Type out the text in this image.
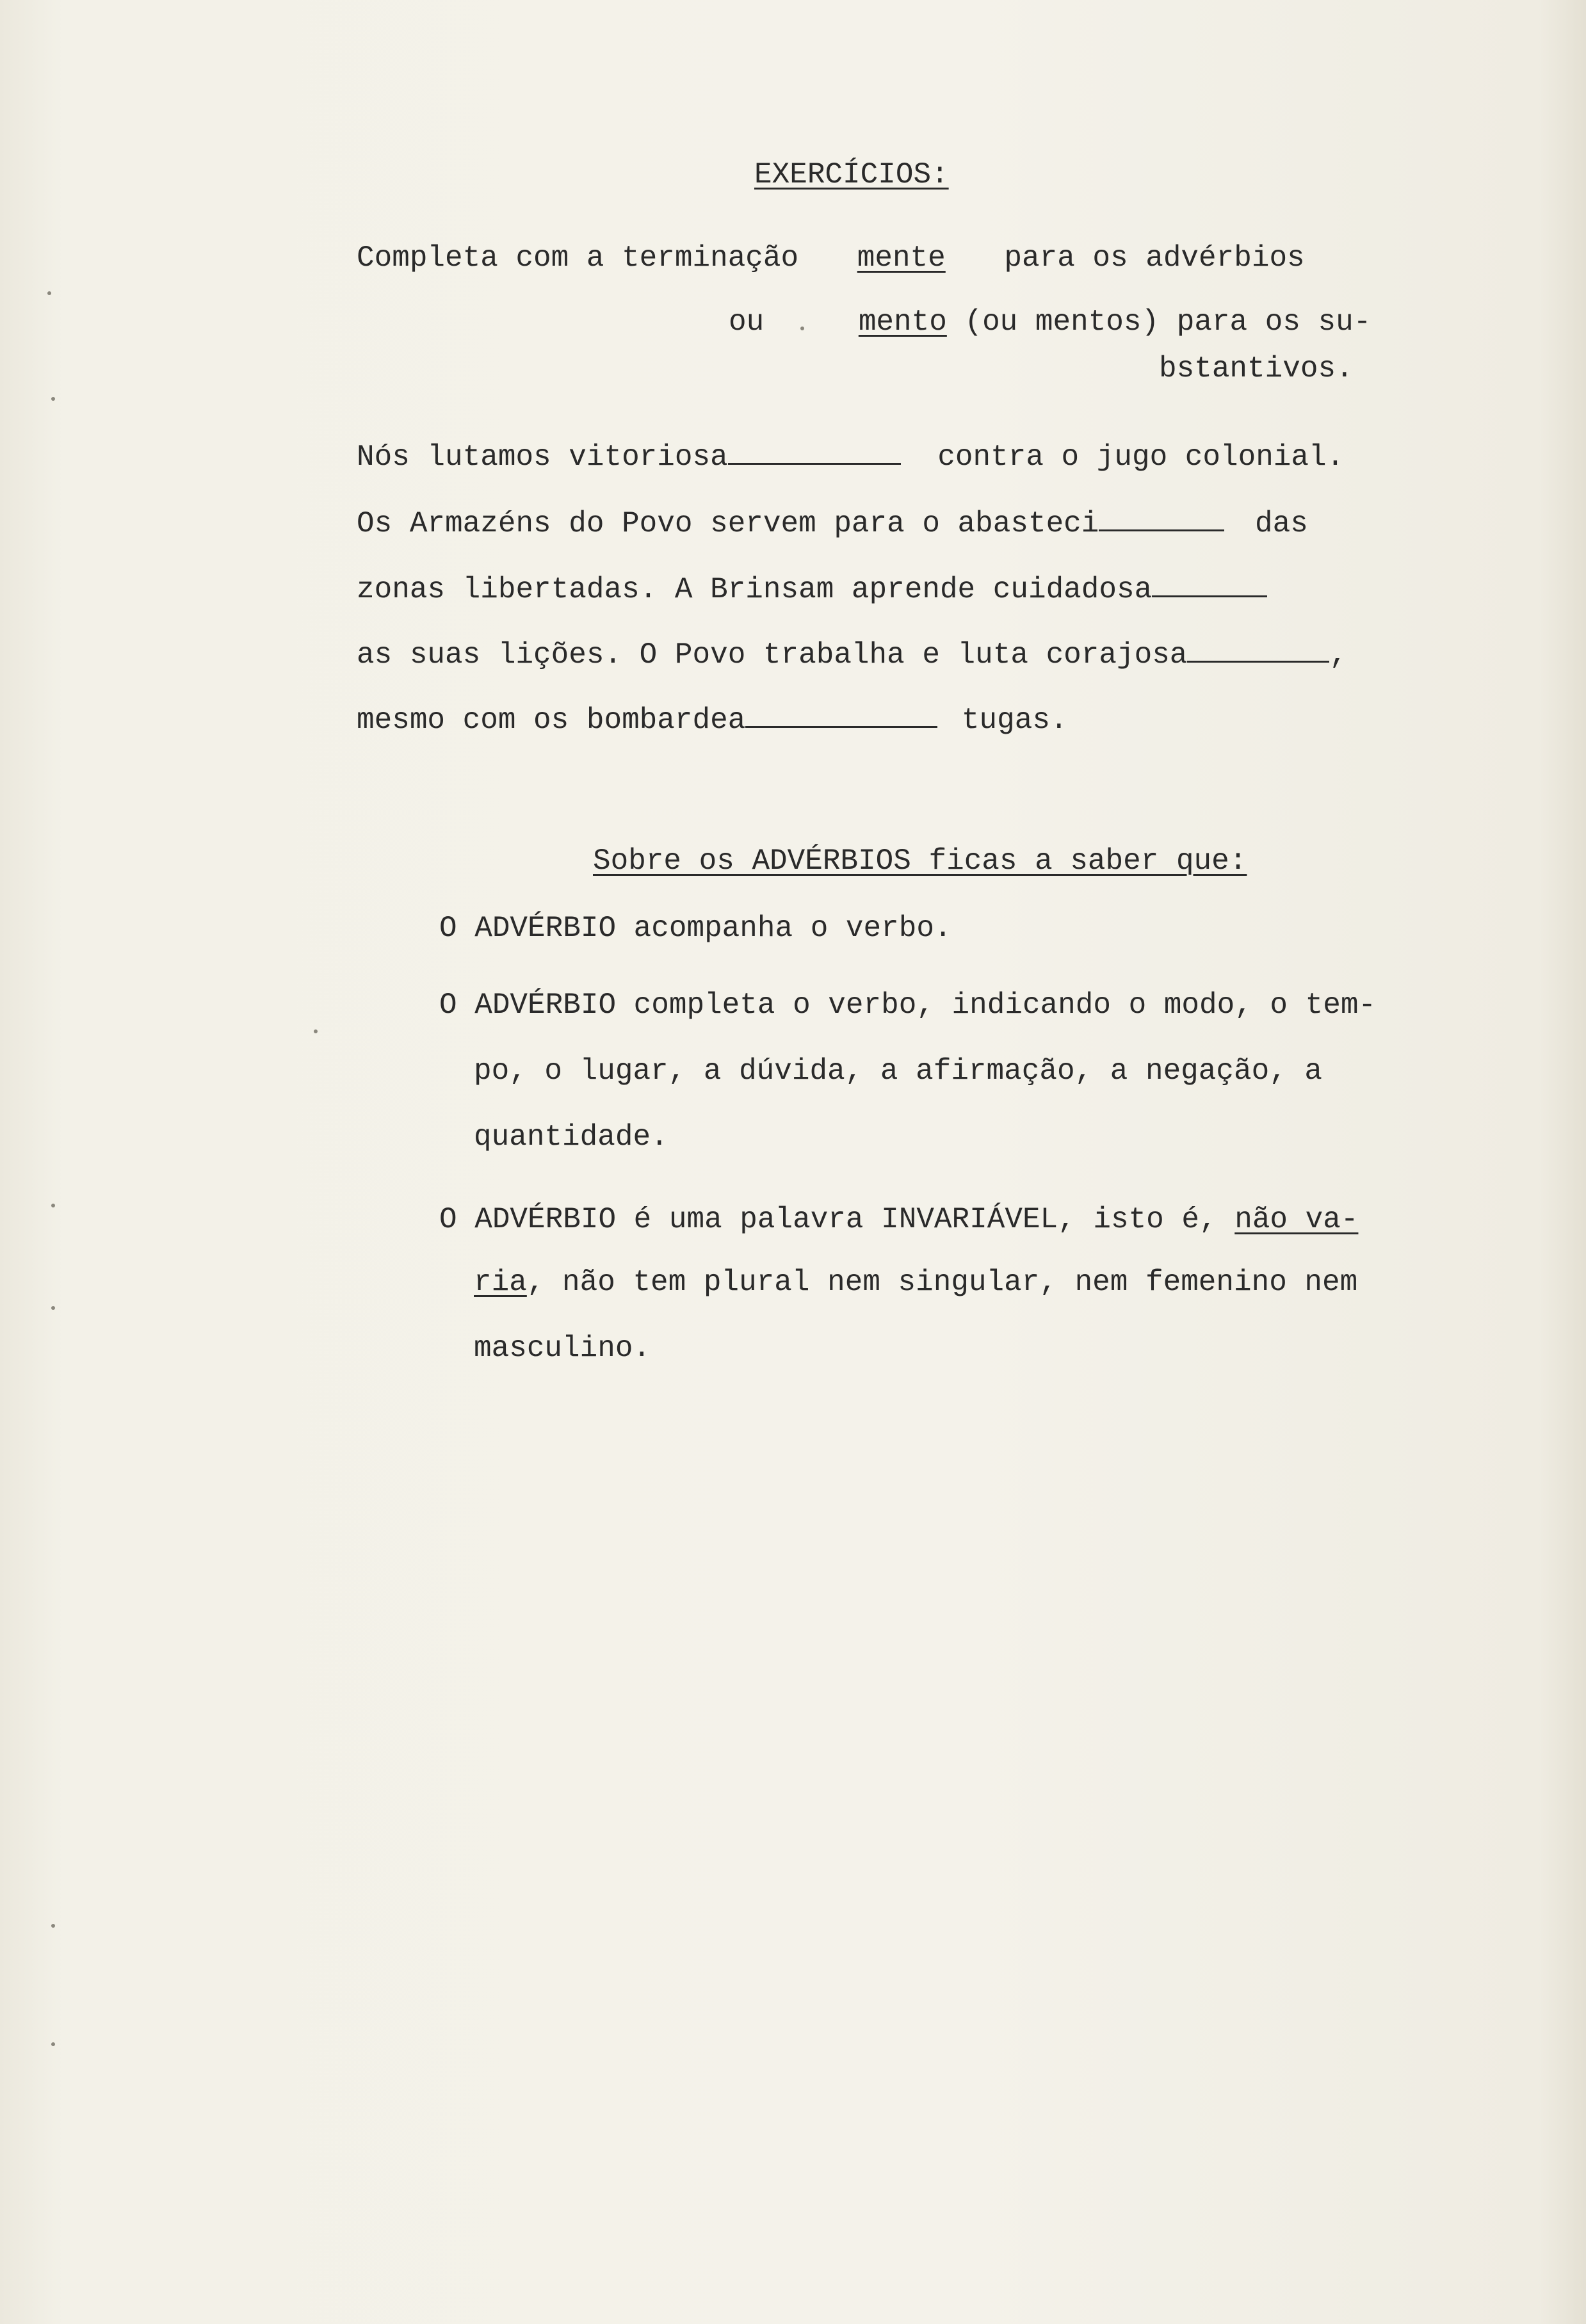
EXERCÍCIOS:
Completa com a terminação mente para os advérbios
ou	mento (ou mentos) para os su-
bstantivos.
Nós lutamos vitoriosa	contra o jugo colonial.
Os Armazéns do Povo servem para o abasteci	das
zonas libertadas. A Brinsam aprende cuidadosa
as suas lições. O Povo trabalha e luta corajosa	,
mesmo com os bombardea	tugas.
Sobre os ADVÉRBIOS ficas a saber que:
O ADVÉRBIO acompanha o verbo.
O ADVÉRBIO completa o verbo, indicando o modo, o tem-
po, o lugar, a dúvida, a afirmação, a negação, a
quantidade.
O ADVÉRBIO é uma palavra INVARIÁVEL, isto é, não va-
ria, não tem plural nem singular, nem femenino nem
masculino.
